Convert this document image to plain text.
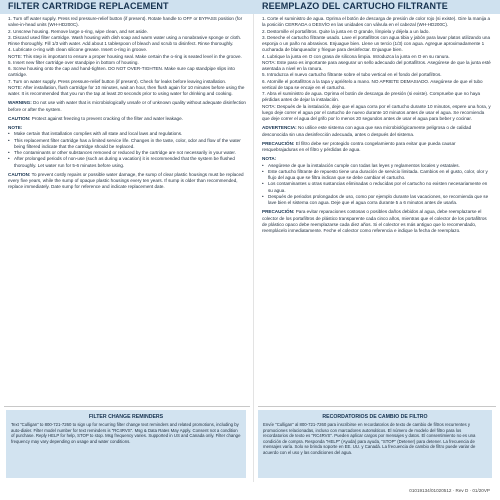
FILTER CARTRIDGE REPLACEMENT

1. Turn off water supply. Press red pressure-relief button (if present). Rotate handle to OFF or BYPASS position (for valve-in-head units (WH-HD200C).

2. Unscrew housing. Remove large o-ring, wipe clean, and set aside.

3. Discard used filter cartridge. Wash housing with dish soap and warm water using a nonabrasive sponge or cloth. Rinse thoroughly. Fill 1/3 with water. Add about 1 tablespoon of bleach and scrub to disinfect. Rinse thoroughly.

4. Lubricate o-ring with clean silicone grease. Insert o-ring in groove.

NOTE: This step is important to ensure a proper housing seal. Make certain the o-ring is seated level in the groove.

5. Insert new filter cartridge over standpipe in bottom of housing.

6. Screw housing onto the cap and hand-tighten. DO NOT OVER-TIGHTEN. Make sure cap standpipe slips into cartridge.

7. Turn on water supply. Press pressure-relief button (if present). Check for leaks before leaving installation.

NOTE: After installation, flush cartridge for 10 minutes, wait an hour, then flush again for 10 minutes before using the water. It is recommended that you run the tap at least 20 seconds prior to using water for drinking and cooking.

WARNING: Do not use with water that is microbiologically unsafe or of unknown quality without adequate disinfection before or after the system.

CAUTION: Protect against freezing to prevent cracking of the filter and water leakage.

NOTE:

• Make certain that installation complies with all state and local laws and regulations.

• This replacement filter cartridge has a limited service life. Changes in the taste, color, odor and flow of the water being filtered indicate that the cartridge should be replaced.

• The contaminants or other substances removed or reduced by the cartridge are not necessarily in your water.

• After prolonged periods of non-use (such as during a vacation) it is recommended that the system be flushed thoroughly. Let water run for 5-6 minutes before using.

CAUTION: To prevent costly repairs or possible water damage, the sump of clear plastic housings must be replaced every five years, while the sump of opaque plastic housings every ten years. If sump is older than recommended, replace immediately. Date sump for reference and indicate replacement date.

FILTER CHANGE REMINDERS
Text "Culligan" to 800-721-7260 to sign up for recurring filter change text reminders and related promotions, including by auto-dialer. Filter model number for text reminders is "RC4RVS". Msg & Data Rates May Apply. Consent not a condition of purchase. Reply HELP for help, STOP to stop. Msg frequency varies. Supported in US and Canada only. Filter change frequency may vary depending on usage and water conditions.
REEMPLAZO DEL CARTUCHO FILTRANTE

1. Corte el suministro de agua. Oprima el botón de descarga de presión de color rojo (si existe). Gire la manija a la posición CERRADA o DESVÍO en las unidades con válvula en el cabezal (WH-HD200C).

2. Destornille el portafiltros. Quite la junta en O grande, límpiela y déjela a un lado.

3. Deseche el cartucho filtrante usado. Lave el portafiltros con agua tibia y jabón para lavar platos utilizando una esponja o un paño no abrasivos. Enjuague bien. Llene un tercio (1/3) con agua. Agregue aproximadamente 1 cucharada de blanqueador y friegue para desinfectar. Enjuague bien.

4. Lubrique la junta en O con grasa de silicona limpia. Introduzca la junta en O en su ranura.

NOTA: Este paso es importante para asegurar un sello adecuado del portafiltros. Asegúrese de que la junta esté asentada a nivel en la ranura.

5. Introduzca el nuevo cartucho filtrante sobre el tubo vertical en el fondo del portafiltros.

6. Atornille el portafiltros a la tapa y apriételo a mano. NO APRIETE DEMASIADO. Asegúrese de que el tubo vertical de tapa se encaje en el cartucho.

7. Abra el suministro de agua. Oprima el botón de descarga de presión (si existe). Compruebe que no haya pérdidas antes de dejar la instalación.

NOTA: Después de la instalación, deje que el agua corra por el cartucho durante 10 minutos, espere una hora, y luego deje correr el agua por el cartucho de nuevo durante 10 minutos antes de usar el agua. Se recomienda que deje correr el agua del grifo por lo menos 20 segundos antes de usar el agua para beber y cocinar.

ADVERTENCIA: No utilice este sistema con agua que sea microbiológicamente peligrosa o de calidad desconocida sin una desinfección adecuada, antes o después del sistema.

PRECAUCIÓN: El filtro debe ser protegido contra congelamiento para evitar que pueda causar resquebrajaduras en el filtro y pérdidas de agua.

NOTA:

• Asegúrese de que la instalación cumple con todas las leyes y reglamentos locales y estatales.

• Este cartucho filtrante de repuesto tiene una duración de servicio limitada. Cambios en el gusto, color, olor y flujo del agua que se filtra indican que se debe cambiar el cartucho.

• Los contaminantes u otras sustancias eliminadas o reducidas por el cartucho no existen necesariamente en su agua.

• Después de periodos prolongados de uso, como por ejemplo durante las vacaciones, se recomienda que se lave bien el sistema con agua. Deje que el agua corra durante 5 a 6 minutos antes de usarla.

PRECAUCIÓN: Para evitar reparaciones costosas o posibles daños debidos al agua, debe reemplazarse el colector de los portafiltros de plástico transparente cada cinco años, mientras que el colector de los portafiltros de plástico opaco debe reemplazarse cada diez años. Si el colector es más antiguo que lo recomendado, reemplácelo inmediatamente. Feche el colector como referencia e indique la fecha de reemplazo.

RECORDATORIOS DE CAMBIO DE FILTRO
Envíe "Culligan" al 800-721-7260 para inscribirse en recordatorios de texto de cambio de filtros recurrentes y promociones relacionadas, incluso con marcadores automáticos. El número de modelo del filtro para los recordatorios de texto es "RC4RVS". Pueden aplicar cargos por mensajes y datos. El consentimiento no es una condición de compra. Responda "HELP" (Ayuda) para ayuda, "STOP" (Detener) para detener. La frecuencia de mensajes varía. Solo se brinda soporte en EE. UU. y Canadá. La frecuencia de cambio de filtro puede variar de acuerdo con el uso y las condiciones del agua.
01019134/01020512 · Rev D · 01/20VP
